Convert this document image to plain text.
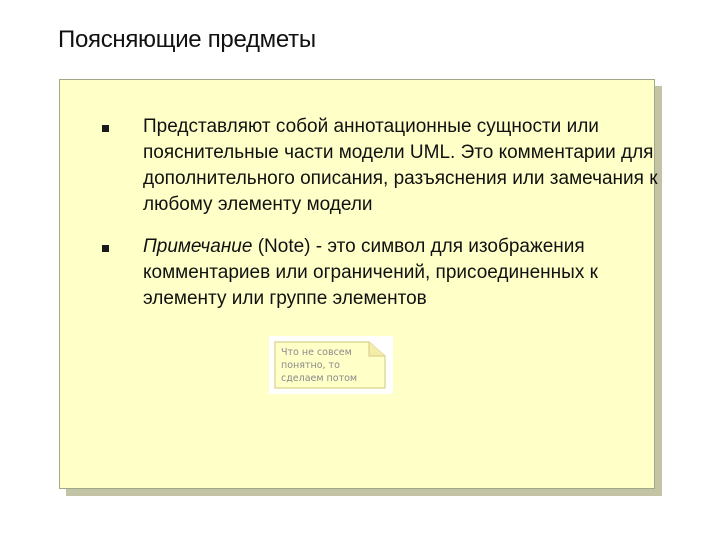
Поясняющие предметы
Представляют собой аннотационные сущности или пояснительные части модели UML. Это комментарии для дополнительного описания, разъяснения или замечания к любому элементу модели
Примечание (Note) - это символ для изображения комментариев или ограничений, присоединенных к элементу или группе элементов
Что не совсем понятно, то сделаем потом
